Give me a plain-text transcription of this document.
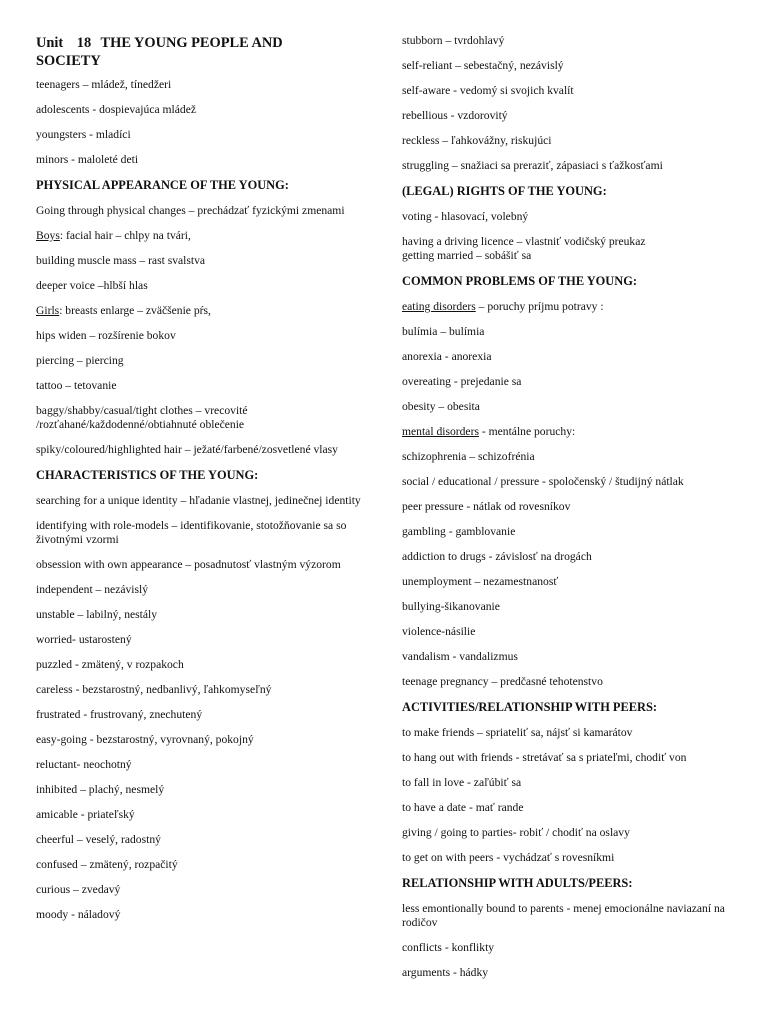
Unit 18 THE YOUNG PEOPLE AND
SOCIETY
teenagers – mládež, tínedžeri
adolescents - dospievajúca mládež
youngsters - mladíci
minors - maloleté deti
PHYSICAL APPEARANCE OF THE YOUNG:
Going through physical changes – prechádzať fyzickými zmenami
Boys: facial hair – chlpy na tvári,
building muscle mass – rast svalstva
deeper voice –hlbší hlas
Girls: breasts enlarge – zväčšenie pŕs,
hips widen – rozšírenie bokov
piercing – piercing
tattoo – tetovanie
baggy/shabby/casual/tight clothes – vrecovité /rozťahané/každodenné/obtiahnuté oblečenie
spiky/coloured/highlighted hair – ježaté/farbené/zosvetlené vlasy
CHARACTERISTICS OF THE YOUNG:
searching for a unique identity – hľadanie vlastnej, jedinečnej identity
identifying with role-models – identifikovanie, stotožňovanie sa so životnými vzormi
obsession with own appearance – posadnutosť vlastným výzorom
independent – nezávislý
unstable – labilný, nestály
worried- ustarostený
puzzled - zmätený, v rozpakoch
careless - bezstarostný, nedbanlivý, ľahkomyseľný
frustrated - frustrovaný, znechutený
easy-going - bezstarostný, vyrovnaný, pokojný
reluctant- neochotný
inhibited – plachý, nesmelý
amicable - priateľský
cheerful – veselý, radostný
confused – zmätený, rozpačitý
curious – zvedavý
moody - náladový
stubborn – tvrdohlavý
self-reliant – sebestačný, nezávislý
self-aware - vedomý si svojich kvalít
rebellious - vzdorovitý
reckless – ľahkovážny, riskujúci
struggling – snažiaci sa preraziť, zápasiaci s ťažkosťami
(LEGAL) RIGHTS OF THE YOUNG:
voting - hlasovací, volebný
having a driving licence – vlastniť vodičský preukaz
getting married – sobášiť sa
COMMON PROBLEMS OF THE YOUNG:
eating disorders – poruchy príjmu potravy :
bulímia – bulímia
anorexia - anorexia
overeating - prejedanie sa
obesity – obesita
mental disorders - mentálne poruchy:
schizophrenia – schizofrénia
social / educational / pressure - spoločenský / študijný nátlak
peer pressure - nátlak od rovesníkov
gambling - gamblovanie
addiction to drugs - závislosť na drogách
unemployment – nezamestnanosť
bullying-šikanovanie
violence-násilie
vandalism - vandalizmus
teenage pregnancy – predčasné tehotenstvo
ACTIVITIES/RELATIONSHIP WITH PEERS:
to make friends – spriateliť sa, nájsť si kamarátov
to hang out with friends - stretávať sa s priateľmi, chodiť von
to fall in love - zaľúbiť sa
to have a date - mať rande
giving / going to parties- robiť / chodiť na oslavy
to get on with peers - vychádzať s rovesníkmi
RELATIONSHIP WITH ADULTS/PEERS:
less emontionally bound to parents - menej emocionálne naviazaní na rodičov
conflicts - konflikty
arguments - hádky
